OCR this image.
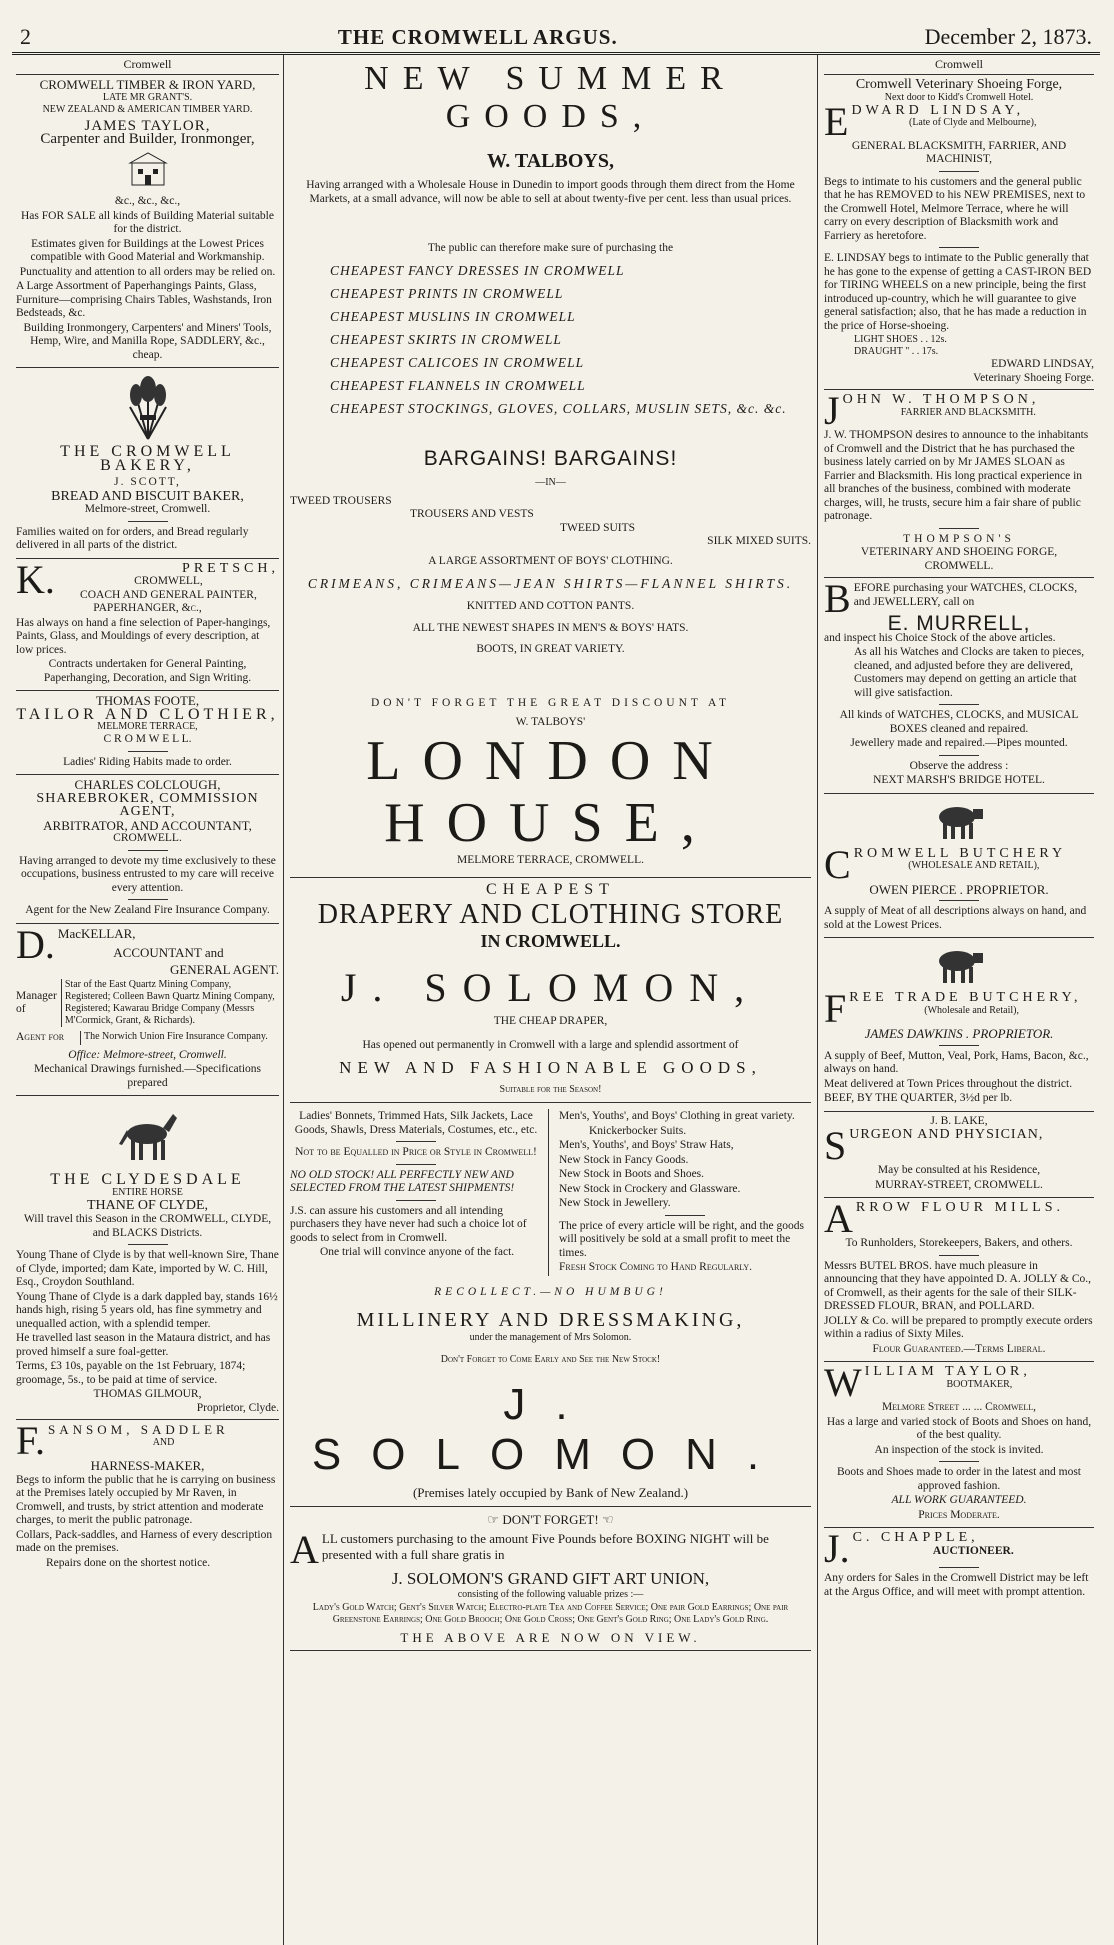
2	THE CROMWELL ARGUS.	December 2, 1873.
Cromwell
CROMWELL TIMBER & IRON YARD,
LATE MR GRANT'S.
NEW ZEALAND & AMERICAN TIMBER YARD.
JAMES TAYLOR,
Carpenter and Builder, Ironmonger,
&c., &c., &c.,

Has FOR SALE all kinds of Building Material suitable for the district.

Estimates given for Buildings at the Lowest Prices compatible with Good Material and Workmanship.

Punctuality and attention to all orders may be relied on.

A Large Assortment of Paperhangings Paints, Glass, Furniture—comprising Chairs Tables, Washstands, Iron Bedsteads, &c.

Building Ironmongery, Carpenters' and Miners' Tools, Hemp, Wire, and Manilla Rope, SADDLERY, &c., cheap.

THE CROMWELL BAKERY,
J. SCOTT,
BREAD AND BISCUIT BAKER,
Melmore-street, Cromwell.

Families waited on for orders, and Bread regularly delivered in all parts of the district.

K.	PRETSCH,
CROMWELL,
COACH AND GENERAL PAINTER, PAPERHANGER, &c.,

Has always on hand a fine selection of Paper-hangings, Paints, Glass, and Mouldings of every description, at low prices.

Contracts undertaken for General Painting, Paperhanging, Decoration, and Sign Writing.

THOMAS FOOTE,
TAILOR AND CLOTHIER,
MELMORE TERRACE,
C R O M W E L L.

Ladies' Riding Habits made to order.

CHARLES COLCLOUGH,
SHAREBROKER, COMMISSION AGENT,
ARBITRATOR, AND ACCOUNTANT,
CROMWELL.

Having arranged to devote my time exclusively to these occupations, business entrusted to my care will receive every attention.

Agent for the New Zealand Fire Insurance Company.

D. MacKELLAR,
ACCOUNTANT and
GENERAL AGENT.
Manager of
Star of the East Quartz Mining Company, Registered; Colleen Bawn Quartz Mining Company, Registered; Kawarau Bridge Company (Messrs M'Cormick, Grant, & Richards).
Agent for	The Norwich Union Fire Insurance Company.

Office: Melmore-street, Cromwell.

Mechanical Drawings furnished.—Specifications prepared

THE CLYDESDALE
ENTIRE HORSE
THANE OF CLYDE,

Will travel this Season in the CROMWELL, CLYDE, and BLACKS Districts.

Young Thane of Clyde is by that well-known Sire, Thane of Clyde, imported; dam Kate, imported by W. C. Hill, Esq., Croydon Southland.

Young Thane of Clyde is a dark dappled bay, stands 16½ hands high, rising 5 years old, has fine symmetry and unequalled action, with a splendid temper.

He travelled last season in the Mataura district, and has proved himself a sure foal-getter.

Terms, £3 10s, payable on the 1st February, 1874; groomage, 5s., to be paid at time of service.

THOMAS GILMOUR,
Proprietor, Clyde.
F. SANSOM, SADDLER
AND
HARNESS-MAKER,

Begs to inform the public that he is carrying on business at the Premises lately occupied by Mr Raven, in Cromwell, and trusts, by strict attention and moderate charges, to merit the public patronage.

Collars, Pack-saddles, and Harness of every description made on the premises.

Repairs done on the shortest notice.

NEW SUMMER GOODS,
W. TALBOYS,

Having arranged with a Wholesale House in Dunedin to import goods through them direct from the Home Markets, at a small advance, will now be able to sell at about twenty-five per cent. less than usual prices.

The public can therefore make sure of purchasing the

CHEAPEST FANCY DRESSES IN CROMWELL

CHEAPEST PRINTS IN CROMWELL

CHEAPEST MUSLINS IN CROMWELL

CHEAPEST SKIRTS IN CROMWELL

CHEAPEST CALICOES IN CROMWELL

CHEAPEST FLANNELS IN CROMWELL

CHEAPEST STOCKINGS, GLOVES, COLLARS, MUSLIN SETS, &c. &c.

BARGAINS! BARGAINS!
—IN—
TWEED TROUSERS
TROUSERS AND VESTS
TWEED SUITS
SILK MIXED SUITS.
A LARGE ASSORTMENT OF BOYS' CLOTHING.
CRIMEANS, CRIMEANS—JEAN SHIRTS—FLANNEL SHIRTS.
KNITTED AND COTTON PANTS.
ALL THE NEWEST SHAPES IN MEN'S & BOYS' HATS.
BOOTS, IN GREAT VARIETY.
DON'T FORGET THE GREAT DISCOUNT AT
W. TALBOYS'
LONDON HOUSE,
MELMORE TERRACE, CROMWELL.
CHEAPEST
DRAPERY AND CLOTHING STORE
IN CROMWELL.
J. SOLOMON,
THE CHEAP DRAPER,

Has opened out permanently in Cromwell with a large and splendid assortment of

NEW AND FASHIONABLE GOODS,
Suitable for the Season!

Ladies' Bonnets, Trimmed Hats, Silk Jackets, Lace Goods, Shawls, Dress Materials, Costumes, etc., etc.

Not to be Equalled in Price or Style in Cromwell!

NO OLD STOCK! ALL PERFECTLY NEW AND SELECTED FROM THE LATEST SHIPMENTS!

J.S. can assure his customers and all intending purchasers they have never had such a choice lot of goods to select from in Cromwell.

One trial will convince anyone of the fact.

Men's, Youths', and Boys' Clothing in great variety.

Knickerbocker Suits.

Men's, Youths', and Boys' Straw Hats,

New Stock in Fancy Goods.

New Stock in Boots and Shoes.

New Stock in Crockery and Glassware.

New Stock in Jewellery.

The price of every article will be right, and the goods will positively be sold at a small profit to meet the times.

Fresh Stock Coming to Hand Regularly.

RECOLLECT.—NO HUMBUG!
MILLINERY AND DRESSMAKING,
under the management of Mrs Solomon.
Don't Forget to Come Early and See the New Stock!
J. SOLOMON.
(Premises lately occupied by Bank of New Zealand.)
☞ DON'T FORGET! ☜
A LL customers purchasing to the amount Five Pounds before BOXING NIGHT will be presented with a full share gratis in
J. SOLOMON'S GRAND GIFT ART UNION,
consisting of the following valuable prizes :—

Lady's Gold Watch; Gent's Silver Watch; Electro-plate Tea and Coffee Service; One pair Gold Earrings; One pair Greenstone Earrings; One Gold Brooch; One Gold Cross; One Gent's Gold Ring; One Lady's Gold Ring.

THE ABOVE ARE NOW ON VIEW.
Cromwell
Cromwell Veterinary Shoeing Forge,
Next door to Kidd's Cromwell Hotel.
E DWARD LINDSAY,
(Late of Clyde and Melbourne),
GENERAL BLACKSMITH, FARRIER, AND MACHINIST,

Begs to intimate to his customers and the general public that he has REMOVED to his NEW PREMISES, next to the Cromwell Hotel, Melmore Terrace, where he will carry on every description of Blacksmith work and Farriery as heretofore.

E. LINDSAY begs to intimate to the Public generally that he has gone to the expense of getting a CAST-IRON BED for TIRING WHEELS on a new principle, being the first introduced up-country, which he will guarantee to give general satisfaction; also, that he has made a reduction in the price of Horse-shoeing.

LIGHT SHOES . . 12s.
DRAUGHT " . . 17s.
EDWARD LINDSAY,
Veterinary Shoeing Forge.
J OHN W. THOMPSON,
FARRIER AND BLACKSMITH.

J. W. THOMPSON desires to announce to the inhabitants of Cromwell and the District that he has purchased the business lately carried on by Mr JAMES SLOAN as Farrier and Blacksmith. His long practical experience in all branches of the business, combined with moderate charges, will, he trusts, secure him a fair share of public patronage.

THOMPSON'S
VETERINARY AND SHOEING FORGE,
CROMWELL.
B EFORE purchasing your WATCHES, CLOCKS, and JEWELLERY, call on

E. MURRELL,

and inspect his Choice Stock of the above articles.

As all his Watches and Clocks are taken to pieces, cleaned, and adjusted before they are delivered, Customers may depend on getting an article that will give satisfaction.

All kinds of WATCHES, CLOCKS, and MUSICAL BOXES cleaned and repaired.

Jewellery made and repaired.—Pipes mounted.

Observe the address :

NEXT MARSH'S BRIDGE HOTEL.

C ROMWELL BUTCHERY
(WHOLESALE AND RETAIL),
OWEN PIERCE . PROPRIETOR.

A supply of Meat of all descriptions always on hand, and sold at the Lowest Prices.

F REE TRADE BUTCHERY,
(Wholesale and Retail),
JAMES DAWKINS . PROPRIETOR.

A supply of Beef, Mutton, Veal, Pork, Hams, Bacon, &c., always on hand.

Meat delivered at Town Prices throughout the district.

BEEF, BY THE QUARTER, 3½d per lb.

J. B. LAKE,
S URGEON AND PHYSICIAN,

May be consulted at his Residence,

MURRAY-STREET, CROMWELL.

A RROW FLOUR MILLS.
To Runholders, Storekeepers, Bakers, and others.

Messrs BUTEL BROS. have much pleasure in announcing that they have appointed D. A. JOLLY & Co., of Cromwell, as their agents for the sale of their SILK-DRESSED FLOUR, BRAN, and POLLARD.

JOLLY & Co. will be prepared to promptly execute orders within a radius of Sixty Miles.

Flour Guaranteed.—Terms Liberal.

W ILLIAM TAYLOR,
BOOTMAKER,
Melmore Street ... ... Cromwell,

Has a large and varied stock of Boots and Shoes on hand, of the best quality.

An inspection of the stock is invited.

Boots and Shoes made to order in the latest and most approved fashion.

ALL WORK GUARANTEED.

Prices Moderate.

J. C. CHAPPLE,
AUCTIONEER.

Any orders for Sales in the Cromwell District may be left at the Argus Office, and will meet with prompt attention.
